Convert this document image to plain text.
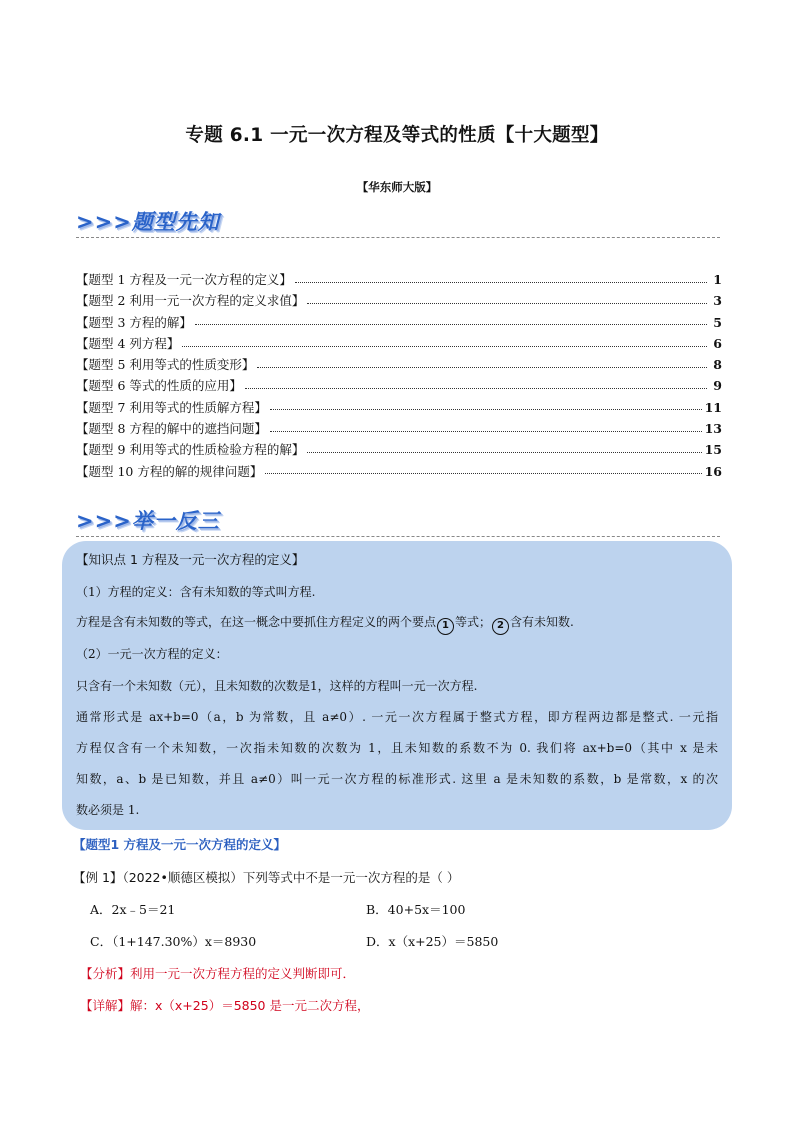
专题 6.1 一元一次方程及等式的性质【十大题型】
【华东师大版】
>>>题型先知
【题型 1 方程及一元一次方程的定义】	1
【题型 2 利用一元一次方程的定义求值】	3
【题型 3 方程的解】	5
【题型 4 列方程】	6
【题型 5 利用等式的性质变形】	8
【题型 6 等式的性质的应用】	9
【题型 7 利用等式的性质解方程】	11
【题型 8 方程的解中的遮挡问题】	13
【题型 9 利用等式的性质检验方程的解】	15
【题型 10 方程的解的规律问题】	16
>>>举一反三
【知识点 1 方程及一元一次方程的定义】
（1）方程的定义：含有未知数的等式叫方程.
方程是含有未知数的等式，在这一概念中要抓住方程定义的两个要点 1 等式； 2 含有未知数.
（2）一元一次方程的定义：
只含有一个未知数（元），且未知数的次数是1，这样的方程叫一元一次方程.
通常形式是 ax+b=0（a，b 为常数，且 a≠0）. 一元一次方程属于整式方程，即方程两边都是整式. 一元指
方程仅含有一个未知数，一次指未知数的次数为 1，且未知数的系数不为 0. 我们将 ax+b=0（其中 x 是未
知数，a、b 是已知数，并且 a≠0）叫一元一次方程的标准形式. 这里 a 是未知数的系数，b 是常数，x 的次
数必须是 1.
【题型1 方程及一元一次方程的定义】
【例 1】（2022•顺德区模拟）下列等式中不是一元一次方程的是（ ）
A．2x﹣5＝21	B．40+5x＝100
C．（1+147.30%）x＝8930	D．x（x+25）＝5850
【分析】利用一元一次方程方程的定义判断即可．
【详解】解：x（x+25）＝5850 是一元二次方程，
